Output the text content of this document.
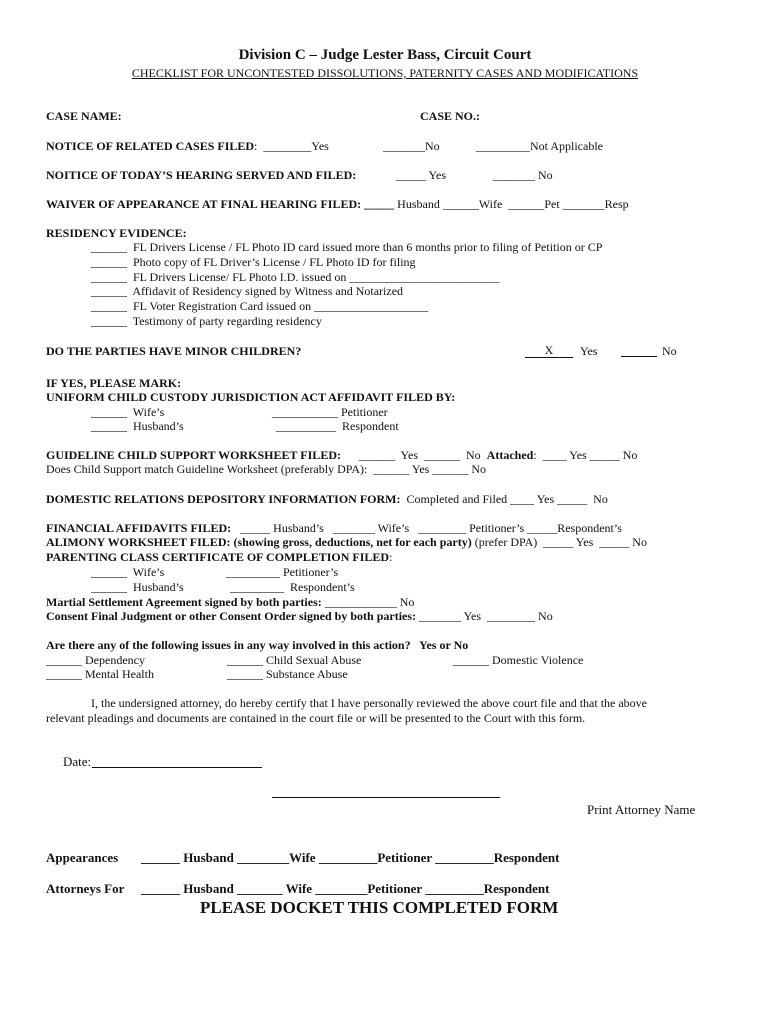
Division C – Judge Lester Bass, Circuit Court
CHECKLIST FOR UNCONTESTED DISSOLUTIONS, PATERNITY CASES AND MODIFICATIONS
CASE NAME:	CASE NO.:
NOTICE OF RELATED CASES FILED:  ________Yes	_______No	_________Not Applicable
NOITICE OF TODAY’S HEARING SERVED AND FILED:	_____ Yes	_______ No
WAIVER OF APPEARANCE AT FINAL HEARING FILED: _____ Husband ______Wife  ______Pet _______Resp
RESIDENCY EVIDENCE:
______  FL Drivers License / FL Photo ID card issued more than 6 months prior to filing of Petition or CP
______  Photo copy of FL Driver’s License / FL Photo ID for filing
______  FL Drivers License/ FL Photo I.D. issued on _________________________
______  Affidavit of Residency signed by Witness and Notarized
______  FL Voter Registration Card issued on ___________________
______  Testimony of party regarding residency
DO THE PARTIES HAVE MINOR CHILDREN?	X	Yes	No
IF YES, PLEASE MARK:
UNIFORM CHILD CUSTODY JURISDICTION ACT AFFIDAVIT FILED BY:
______  Wife’s	___________ Petitioner
______  Husband’s	__________  Respondent
GUIDELINE CHILD SUPPORT WORKSHEET FILED: ______  Yes  ______  No Attached:  ____ Yes _____ No
Does Child Support match Guideline Worksheet (preferably DPA):  ______ Yes ______ No
DOMESTIC RELATIONS DEPOSITORY INFORMATION FORM:  Completed and Filed ____ Yes _____  No
FINANCIAL AFFIDAVITS FILED:   _____ Husband’s   _______ Wife’s   ________ Petitioner’s _____Respondent’s
ALIMONY WORKSHEET FILED: (showing gross, deductions, net for each party) (prefer DPA)  _____ Yes  _____ No
PARENTING CLASS CERTIFICATE OF COMPLETION FILED:
______  Wife’s	_________ Petitioner’s
______  Husband’s	_________  Respondent’s
Martial Settlement Agreement signed by both parties: ____________ No
Consent Final Judgment or other Consent Order signed by both parties: _______ Yes  ________ No
Are there any of the following issues in any way involved in this action?   Yes or No
______ Dependency	______ Child Sexual Abuse	______ Domestic Violence
______ Mental Health	______ Substance Abuse
I, the undersigned attorney, do hereby certify that I have personally reviewed the above court file and that the above
relevant pleadings and documents are contained in the court file or will be presented to the Court with this form.
Date:
Print Attorney Name
Appearances ______ Husband ________Wife _________Petitioner _________Respondent
Attorneys For ______ Husband _______ Wife ________Petitioner _________Respondent
PLEASE DOCKET THIS COMPLETED FORM
